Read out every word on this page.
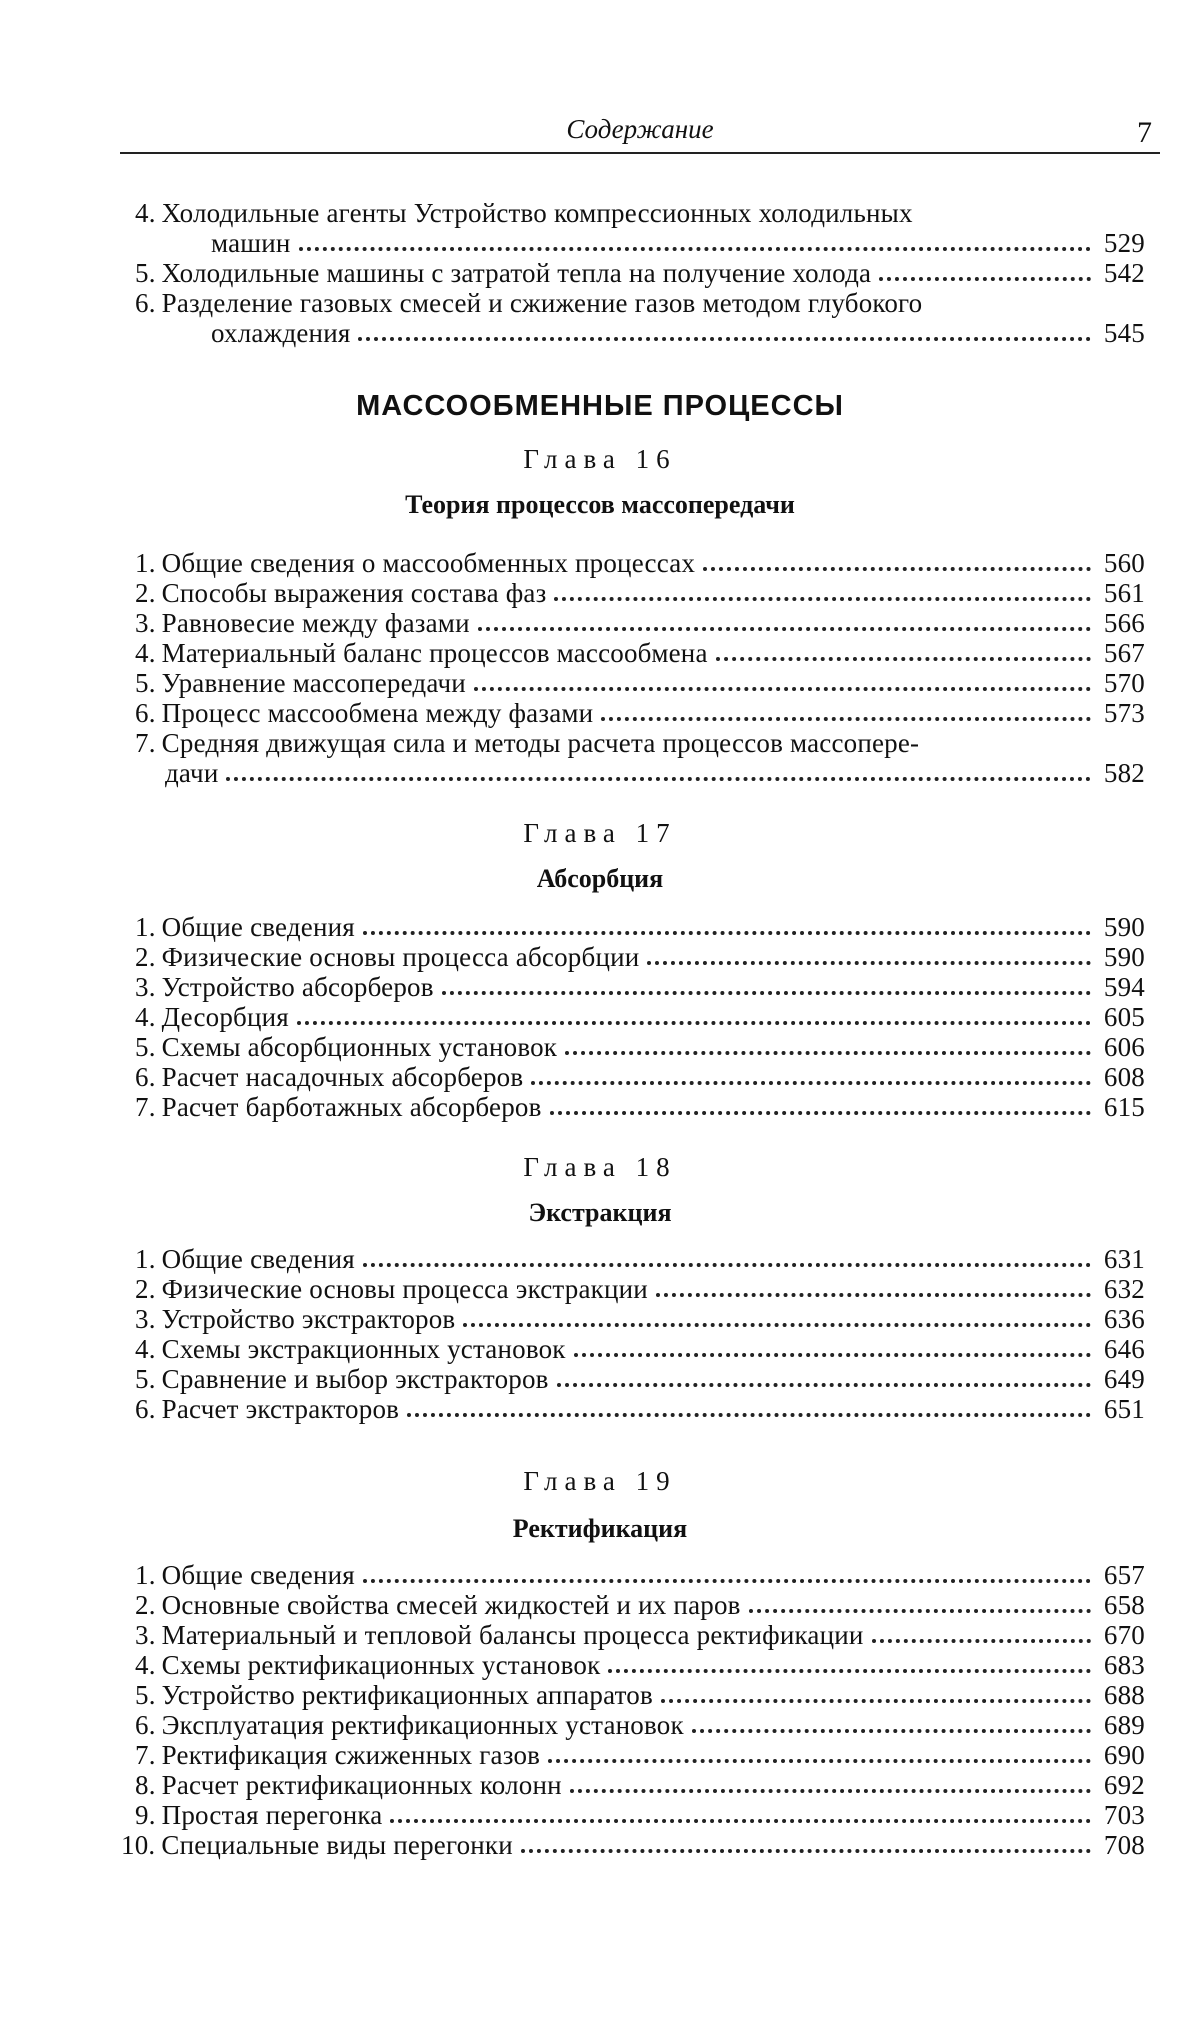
Содержание	7
4. Холодильные агенты Устройство компрессионных холодильных
машин	529
5. Холодильные машины с затратой тепла на получение холода	542
6. Разделение газовых смесей и сжижение газов методом глубокого
охлаждения	545
МАССООБМЕННЫЕ ПРОЦЕССЫ
Глава 16
Теория процессов массопередачи
1. Общие сведения о массообменных процессах	560
2. Способы выражения состава фаз	561
3. Равновесие между фазами	566
4. Материальный баланс процессов массообмена	567
5. Уравнение массопередачи	570
6. Процесс массообмена между фазами	573
7. Средняя движущая сила и методы расчета процессов массопере-
дачи	582
Глава 17
Абсорбция
1. Общие сведения	590
2. Физические основы процесса абсорбции	590
3. Устройство абсорберов	594
4. Десорбция	605
5. Схемы абсорбционных установок	606
6. Расчет насадочных абсорберов	608
7. Расчет барботажных абсорберов	615
Глава 18
Экстракция
1. Общие сведения	631
2. Физические основы процесса экстракции	632
3. Устройство экстракторов	636
4. Схемы экстракционных установок	646
5. Сравнение и выбор экстракторов	649
6. Расчет экстракторов	651
Глава 19
Ректификация
1. Общие сведения	657
2. Основные свойства смесей жидкостей и их паров	658
3. Материальный и тепловой балансы процесса ректификации	670
4. Схемы ректификационных установок	683
5. Устройство ректификационных аппаратов	688
6. Эксплуатация ректификационных установок	689
7. Ректификация сжиженных газов	690
8. Расчет ректификационных колонн	692
9. Простая перегонка	703
10. Специальные виды перегонки	708
